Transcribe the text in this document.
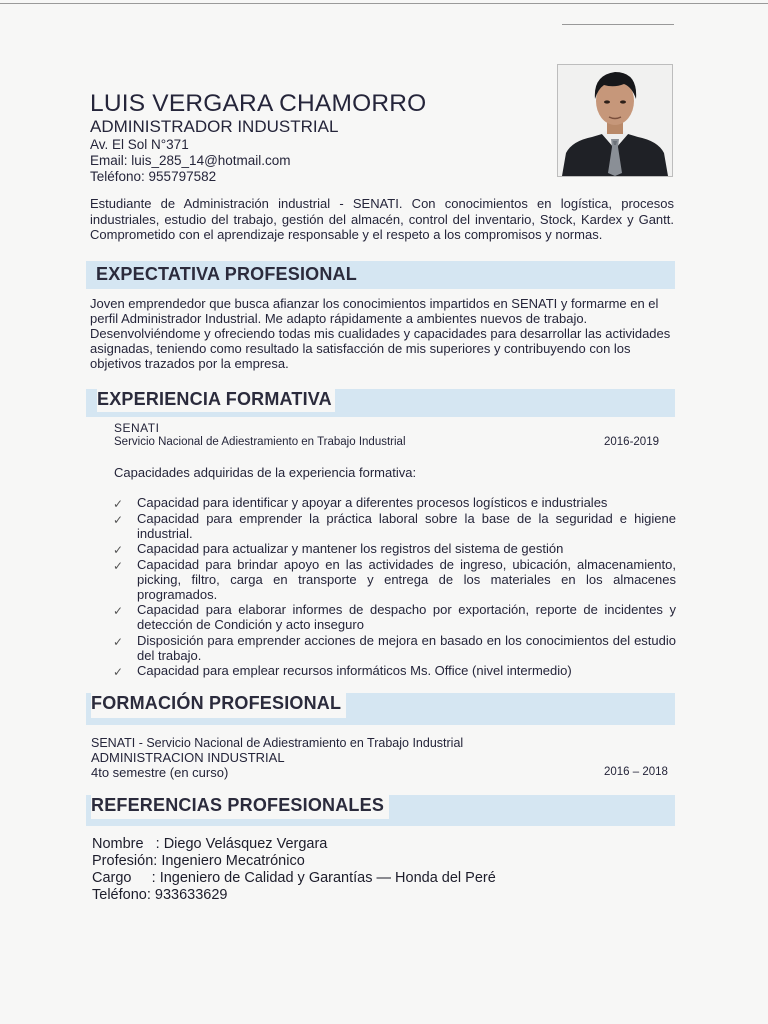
LUIS VERGARA CHAMORRO
ADMINISTRADOR INDUSTRIAL
Av. El Sol N°371
Email: luis_285_14@hotmail.com
Teléfono: 955797582
Estudiante de Administración industrial - SENATI. Con conocimientos en logística, procesos industriales, estudio del trabajo, gestión del almacén, control del inventario, Stock, Kardex y Gantt. Comprometido con el aprendizaje responsable y el respeto a los compromisos y normas.
EXPECTATIVA PROFESIONAL
Joven emprendedor que busca afianzar los conocimientos impartidos en SENATI y formarme en el perfil Administrador Industrial. Me adapto rápidamente a ambientes nuevos de trabajo. Desenvolviéndome y ofreciendo todas mis cualidades y capacidades para desarrollar las actividades asignadas, teniendo como resultado la satisfacción de mis superiores y contribuyendo con los objetivos trazados por la empresa.
EXPERIENCIA FORMATIVA
SENATI
Servicio Nacional de Adiestramiento en Trabajo Industrial	2016-2019
Capacidades adquiridas de la experiencia formativa:
✓ Capacidad para identificar y apoyar a diferentes procesos logísticos e industriales
✓ Capacidad para emprender la práctica laboral sobre la base de la seguridad e higiene industrial.
✓ Capacidad para actualizar y mantener los registros del sistema de gestión
✓ Capacidad para brindar apoyo en las actividades de ingreso, ubicación, almacenamiento, picking, filtro, carga en transporte y entrega de los materiales en los almacenes programados.
✓ Capacidad para elaborar informes de despacho por exportación, reporte de incidentes y detección de Condición y acto inseguro
✓ Disposición para emprender acciones de mejora en basado en los conocimientos del estudio del trabajo.
✓ Capacidad para emplear recursos informáticos Ms. Office (nivel intermedio)
FORMACIÓN PROFESIONAL
SENATI - Servicio Nacional de Adiestramiento en Trabajo Industrial
ADMINISTRACION INDUSTRIAL
4to semestre (en curso)	2016 – 2018
REFERENCIAS PROFESIONALES
Nombre   : Diego Velásquez Vergara
Profesión: Ingeniero Mecatrónico
Cargo     : Ingeniero de Calidad y Garantías — Honda del Peré
Teléfono: 933633629
